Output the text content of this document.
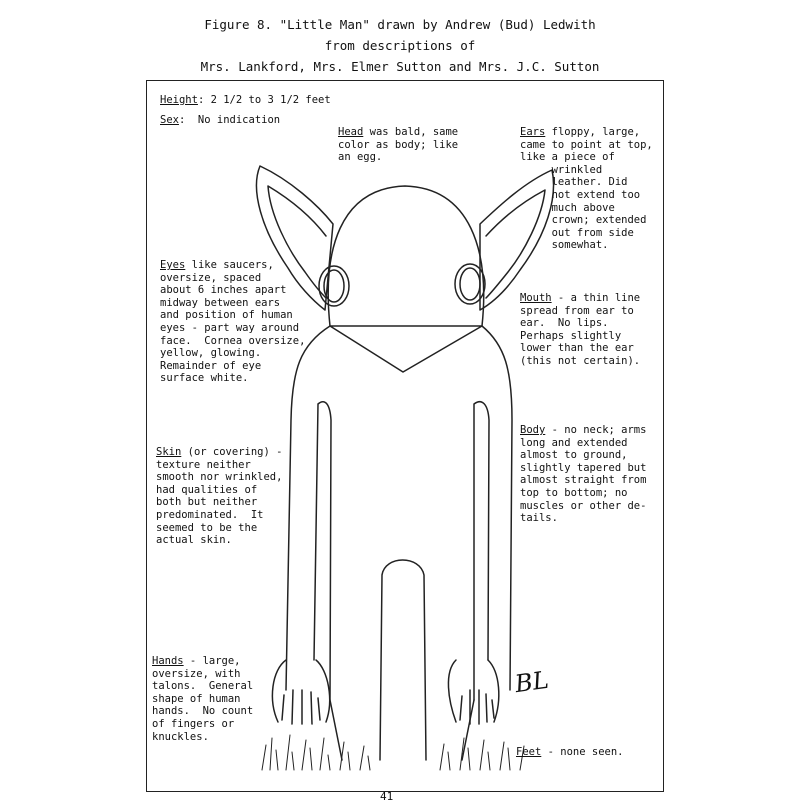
Figure 8. "Little Man" drawn by Andrew (Bud) Ledwith
from descriptions of
Mrs. Lankford, Mrs. Elmer Sutton and Mrs. J.C. Sutton
Height: 2 1/2 to 3 1/2 feet
Sex:  No indication
Head was bald, same
color as body; like
an egg.
Ears floppy, large,
came to point at top,
like a piece of
wrinkled
leather. Did
not extend too
much above
crown; extended
out from side
somewhat.
Eyes like saucers,
oversize, spaced
about 6 inches apart
midway between ears
and position of human
eyes - part way around
face.  Cornea oversize,
yellow, glowing.
Remainder of eye
surface white.
Mouth - a thin line
spread from ear to
ear.  No lips.
Perhaps slightly
lower than the ear
(this not certain).
Body - no neck; arms
long and extended
almost to ground,
slightly tapered but
almost straight from
top to bottom; no
muscles or other de-
tails.
Skin (or covering) -
texture neither
smooth nor wrinkled,
had qualities of
both but neither
predominated.  It
seemed to be the
actual skin.
Hands - large,
oversize, with
talons.  General
shape of human
hands.  No count
of fingers or
knuckles.
Feet - none seen.
BL
41
